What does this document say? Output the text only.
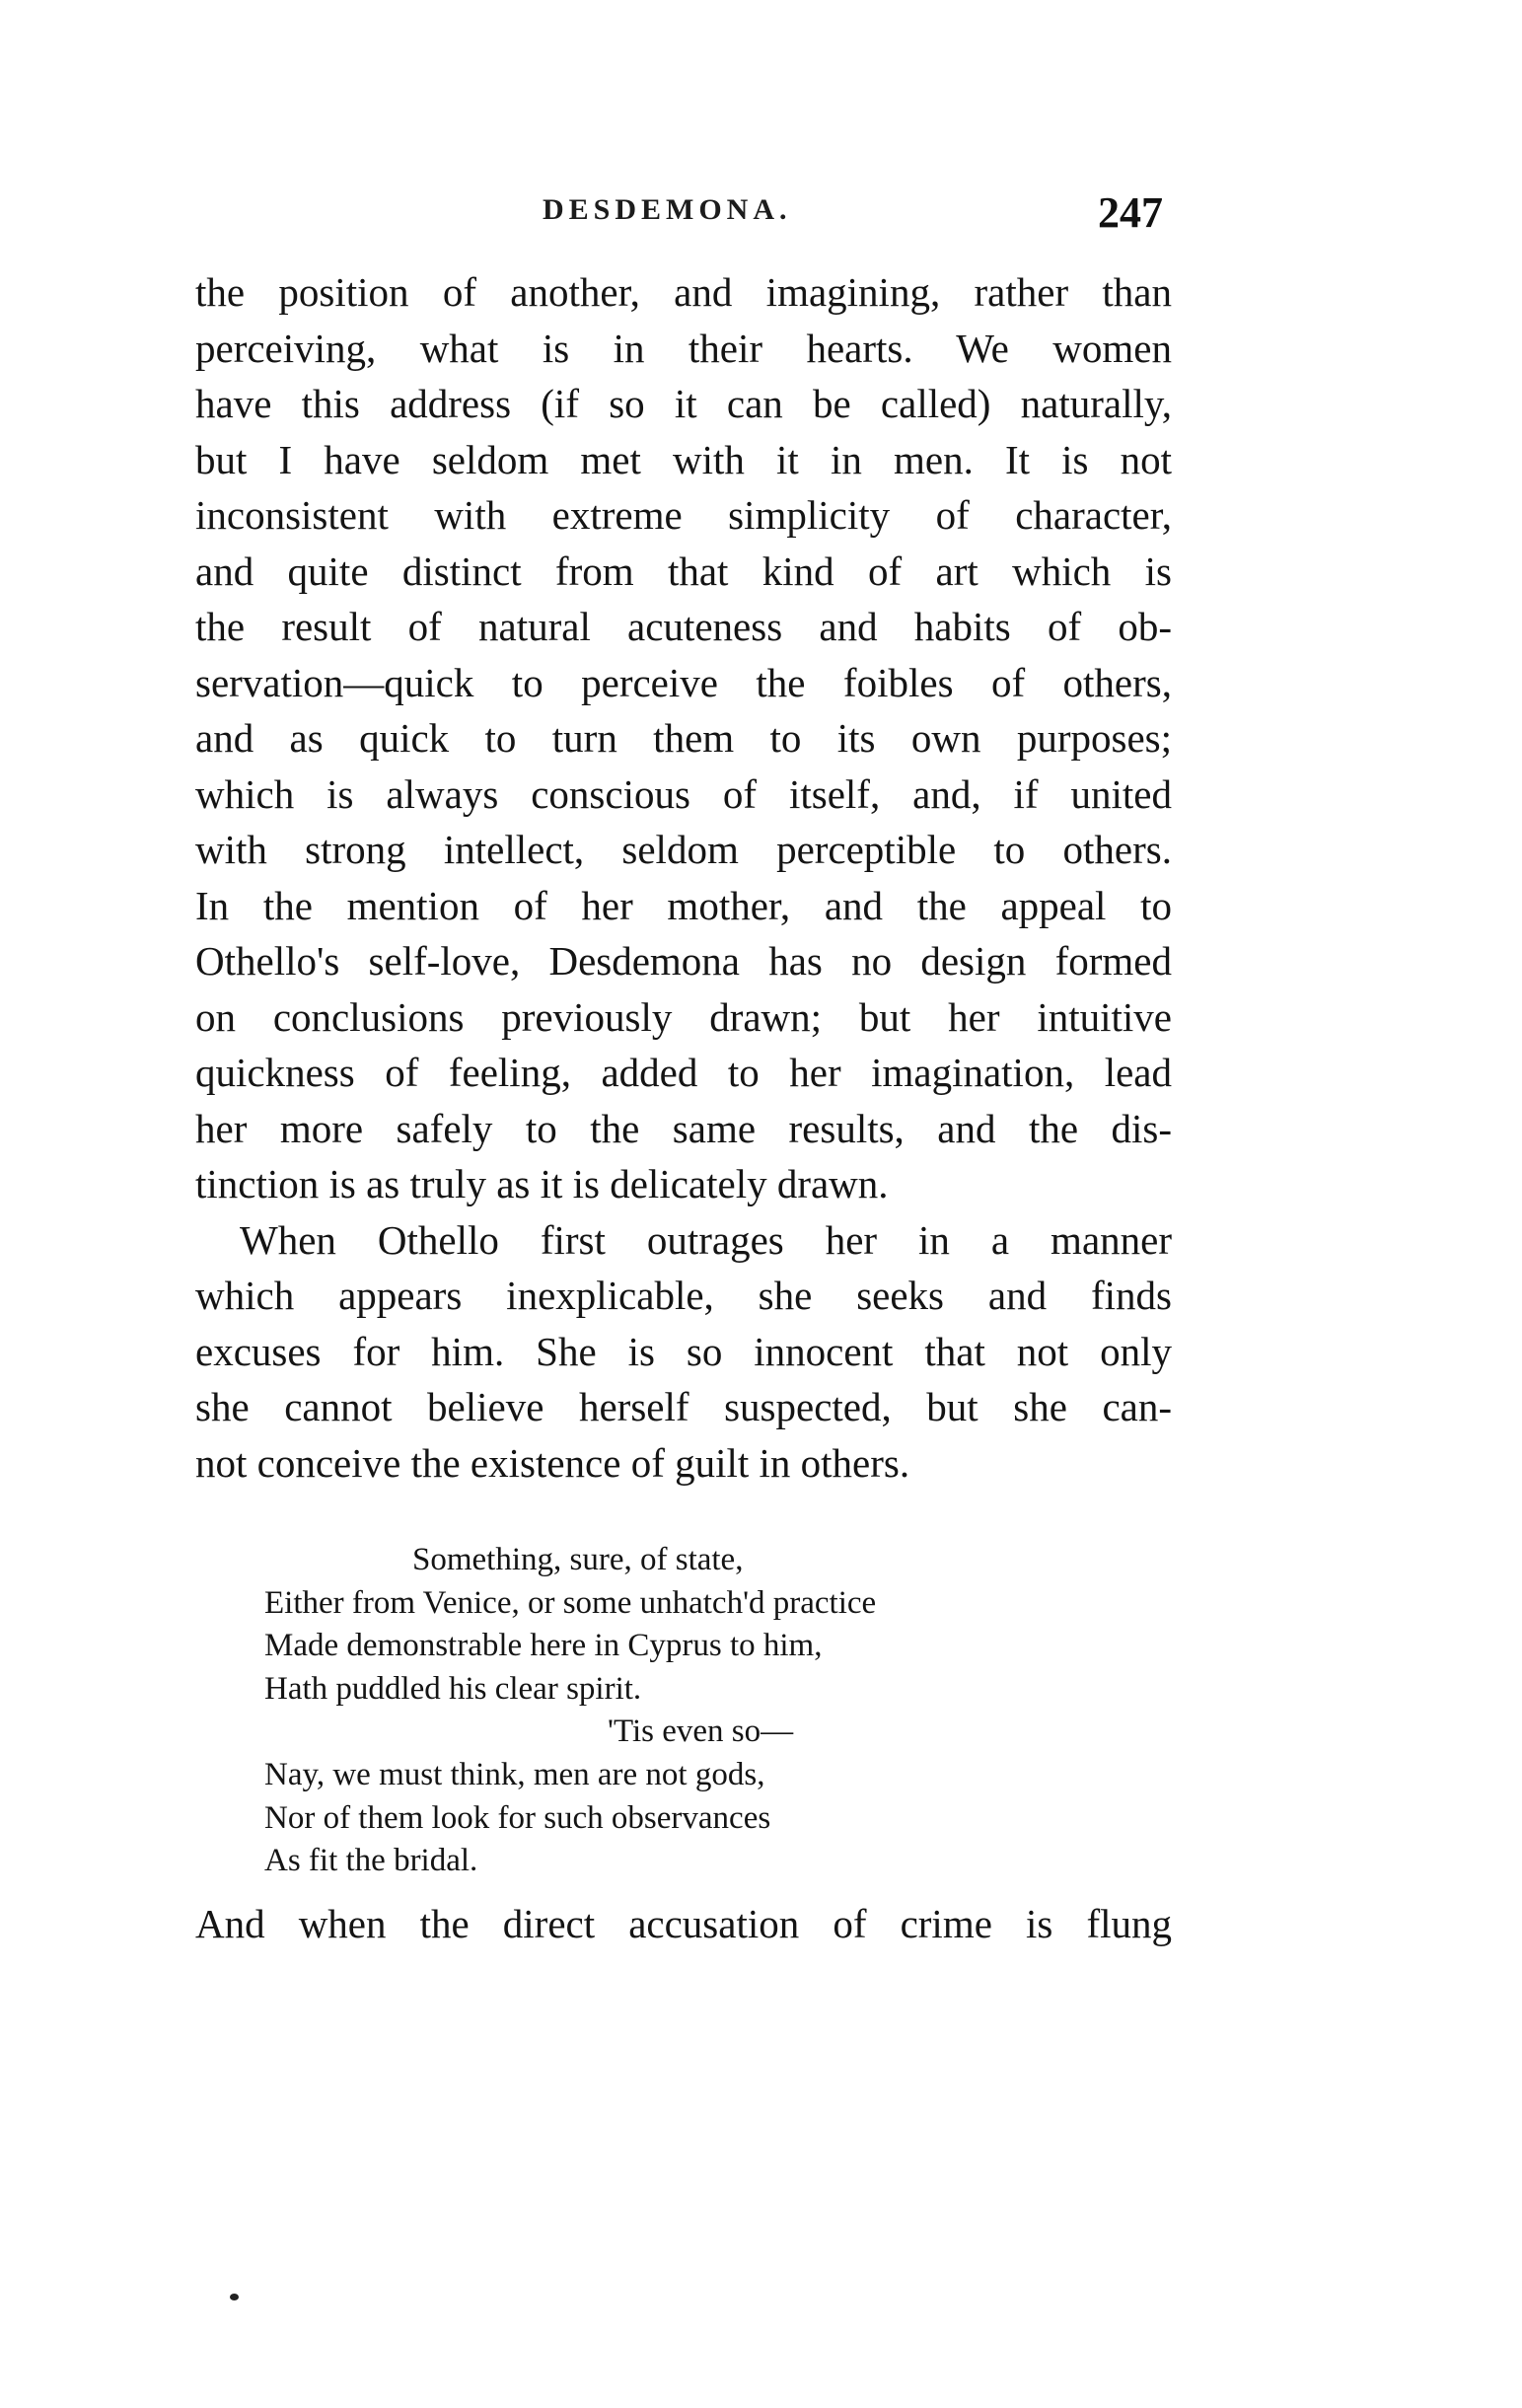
DESDEMONA.	247
the position of another, and imagining, rather than
perceiving, what is in their hearts. We women
have this address (if so it can be called) naturally,
but I have seldom met with it in men. It is not
inconsistent with extreme simplicity of character,
and quite distinct from that kind of art which is
the result of natural acuteness and habits of ob-
servation—quick to perceive the foibles of others,
and as quick to turn them to its own purposes;
which is always conscious of itself, and, if united
with strong intellect, seldom perceptible to others.
In the mention of her mother, and the appeal to
Othello's self-love, Desdemona has no design formed
on conclusions previously drawn; but her intuitive
quickness of feeling, added to her imagination, lead
her more safely to the same results, and the dis-
tinction is as truly as it is delicately drawn.
When Othello first outrages her in a manner
which appears inexplicable, she seeks and finds
excuses for him. She is so innocent that not only
she cannot believe herself suspected, but she can-
not conceive the existence of guilt in others.
Something, sure, of state,
Either from Venice, or some unhatch'd practice
Made demonstrable here in Cyprus to him,
Hath puddled his clear spirit.
'Tis even so—
Nay, we must think, men are not gods,
Nor of them look for such observances
As fit the bridal.
And when the direct accusation of crime is flung
